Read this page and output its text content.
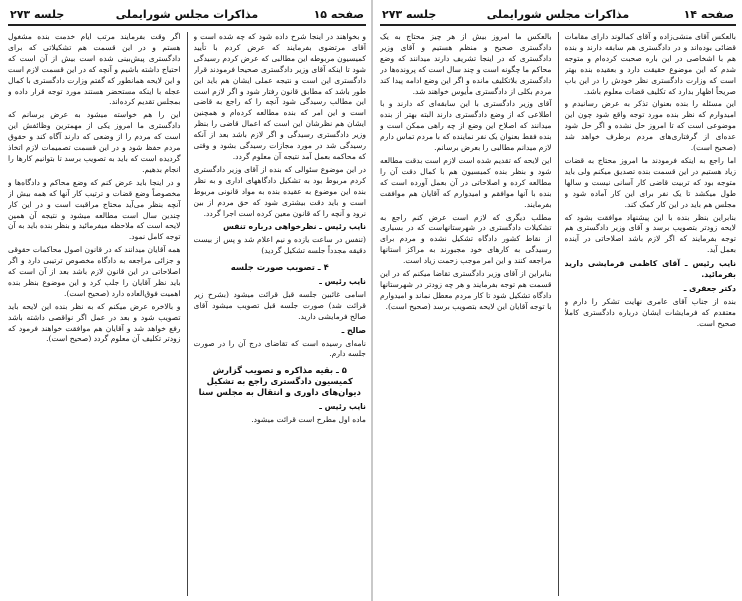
صفحه ۱۵
مذاکرات مجلس شورایملی
جلسه ۲۷۳

و بخواهند در اینجا شرح داده شود که چه شده است و آقای مرتضوی بفرمایند که عرض کردم با تأیید کمیسیون مربوطه این مطالبی که عرض کردم رسیدگی شود تا اینکه آقای وزیر دادگستری صحیحا فرمودند قرار دادگستری این است و نتیجه عملی ایشان هم باید این طور باشد که مطابق قانون رفتار شود و اگر لازم است این مطالب رسیدگی شود آنچه را که راجع به قاضی است و این امر که بنده مطالعه کرده‌ام و همچنین ایشان هم نظرشان این است که اعمال قاضی را بنظر وزیر دادگستری رسیدگی و اگر لازم باشد بعد از آنکه رسیدگی شد در مورد مجازات رسیدگی بشود و وقتی که محاکمه بعمل آمد نتیجه آن معلوم گردد.

در این موضوع سئوالی که بنده از آقای وزیر دادگستری کردم مربوط بود به تشکیل دادگاههای اداری و به نظر بنده این موضوع به عقیده بنده به مواد قانونی مربوط است و باید دقت بیشتری شود که حق مردم از بین نرود و آنچه را که قانون معین کرده است اجرا گردد.

نایب رئیس ـ نظرخواهی درباره تنفس

(تنفس در ساعت یازده و نیم اعلام شد و پس از بیست دقیقه مجدداً جلسه تشکیل گردید)

۴ ـ تصویب صورت جلسه

نایب رئیس ـ

اسامی غائبین جلسه قبل قرائت میشود (بشرح زیر قرائت شد) صورت جلسه قبل تصویب میشود آقای صالح فرمایشی دارید.

صالح ـ

نامه‌ای رسیده است که تقاضای درج آن را در صورت جلسه دارم.

۵ ـ بقیه مذاکره و تصویب گزارش کمیسیون دادگستری راجع به تشکیل دیوان‌های داوری و انتقال به مجلس سنا

نایب رئیس ـ

ماده اول مطرح است قرائت میشود.

اگر وقت بفرمایند مرتب ایام خدمت بنده مشغول هستم و در این قسمت هم تشکیلاتی که برای دادگستری پیش‌بینی شده است بیش از آن است که احتیاج داشته باشیم و آنچه که در این قسمت لازم است و این لایحه همانطور که گفتم وزارت دادگستری با کمال عجله با اینکه مستحضر هستند مورد توجه قرار داده و بمجلس تقدیم کرده‌اند.

این را هم خواسته میشود به عرض برسانم که دادگستری ما امروز یکی از مهمترین وظائفش این است که مردم را از وضعی که دارند آگاه کند و حقوق مردم حفظ شود و در این قسمت تصمیمات لازم اتخاذ گردیده است که باید به تصویب برسد تا بتوانیم کارها را انجام بدهیم.

و در اینجا باید عرض کنم که وضع محاکم و دادگاه‌ها و مخصوصاً وضع قضات و ترتیب کار آنها که همه بیش از آنچه بنظر می‌آید محتاج مراقبت است و در این کار چندین سال است مطالعه میشود و نتیجه آن همین لایحه است که ملاحظه میفرمائید و بنظر بنده باید به آن توجه کامل نمود.

همه آقایان میدانند که در قانون اصول محاکمات حقوقی و جزائی مراجعه به دادگاه مخصوص ترتیبی دارد و اگر اصلاحاتی در این قانون لازم باشد بعد از آن است که باید نظر آقایان را جلب کرد و این موضوع بنظر بنده اهمیت فوق‌العاده دارد (صحیح است).

و بالاخره عرض میکنم که به نظر بنده این لایحه باید تصویب شود و بعد در عمل اگر نواقصی داشته باشد رفع خواهد شد و آقایان هم موافقت خواهند فرمود که زودتر تکلیف آن معلوم گردد (صحیح است).

صفحه ۱۴
مذاکرات مجلس شورایملی
جلسه ۲۷۳

بالعکس آقای منشی‌زاده و آقای کمالوند دارای مقامات قضائی بوده‌اند و در دادگستری هم سابقه دارند و بنده هم با اشخاصی در این باره صحبت کرده‌ام و متوجه شدم که این موضوع حقیقت دارد و بعقیده بنده بهتر است که وزارت دادگستری نظر خودش را در این باب صریحاً اظهار بدارد که تکلیف قضات معلوم باشد.

این مسئله را بنده بعنوان تذکر به عرض رسانیدم و امیدوارم که نظر بنده مورد توجه واقع شود چون این موضوعی است که تا امروز حل نشده و اگر حل شود عده‌ای از گرفتاری‌های مردم برطرف خواهد شد (صحیح است).

اما راجع به اینکه فرمودند ما امروز محتاج به قضات زیاد هستیم در این قسمت بنده تصدیق میکنم ولی باید متوجه بود که تربیت قاضی کار آسانی نیست و سالها طول میکشد تا یک نفر برای این کار آماده شود و مجلس هم باید در این کار کمک کند.

بنابراین بنظر بنده با این پیشنهاد موافقت بشود که لایحه زودتر بتصویب برسد و آقای وزیر دادگستری هم توجه بفرمایند که اگر لازم باشد اصلاحاتی در آینده بعمل آید.

نایب رئیس ـ آقای کاظمی فرمایشی دارید بفرمائید.

دکتر جعفری ـ

بنده از جناب آقای عامری نهایت تشکر را دارم و معتقدم که فرمایشات ایشان درباره دادگستری کاملاً صحیح است.

بالعکس ما امروز بیش از هر چیز محتاج به یک دادگستری صحیح و منظم هستیم و آقای وزیر دادگستری که در اینجا تشریف دارند میدانند که وضع محاکم ما چگونه است و چند سال است که پرونده‌ها در دادگستری بلاتکلیف مانده و اگر این وضع ادامه پیدا کند مردم بکلی از دادگستری مأیوس خواهند شد.

آقای وزیر دادگستری با این سابقه‌ای که دارند و با اطلاعی که از وضع دادگستری دارند البته بهتر از بنده میدانند که اصلاح این وضع از چه راهی ممکن است و بنده فقط بعنوان یک نفر نماینده که با مردم تماس دارم لازم میدانم مطالبی را بعرض برسانم.

این لایحه که تقدیم شده است لازم است بدقت مطالعه شود و بنظر بنده کمیسیون هم با کمال دقت آن را مطالعه کرده و اصلاحاتی در آن بعمل آورده است که بنده با آنها موافقم و امیدوارم که آقایان هم موافقت بفرمایند.

مطلب دیگری که لازم است عرض کنم راجع به تشکیلات دادگستری در شهرستانهاست که در بسیاری از نقاط کشور دادگاه تشکیل نشده و مردم برای رسیدگی به کارهای خود مجبورند به مراکز استانها مراجعه کنند و این امر موجب زحمت زیاد است.

بنابراین از آقای وزیر دادگستری تقاضا میکنم که در این قسمت هم توجه بفرمایند و هر چه زودتر در شهرستانها دادگاه تشکیل شود تا کار مردم معطل نماند و امیدوارم با توجه آقایان این لایحه بتصویب برسد (صحیح است).
